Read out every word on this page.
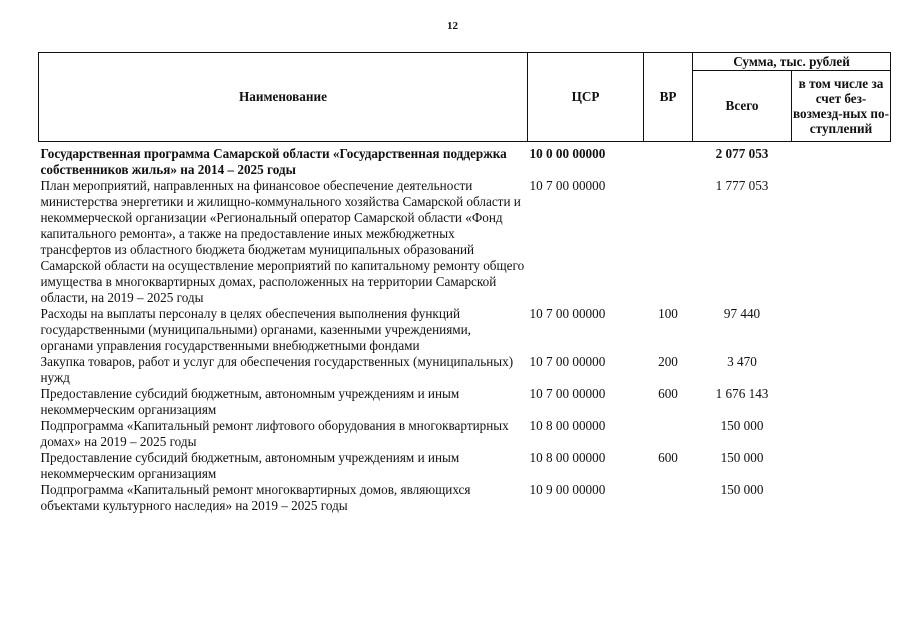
12
Наименование	ЦСР	ВР	Сумма, тыс. рублей	
			Всего	в том числе за счет без-возмезд-ных по-ступлений
Государственная программа Самарской области «Государственная поддержка собственников жилья» на 2014 – 2025 годы	10 0 00 00000		2 077 053	
План мероприятий, направленных на финансовое обеспечение деятельности министерства энергетики и жилищно-коммунального хозяйства Самарской области и некоммерческой организации «Региональный оператор Самарской области «Фонд капитального ремонта», а также на предоставление иных межбюджетных трансфертов из областного бюджета бюджетам муниципальных образований Самарской области на осуществление мероприятий по капитальному ремонту общего имущества в многоквартирных домах, расположенных на территории Самарской области, на 2019 – 2025 годы	10 7 00 00000		1 777 053	
Расходы на выплаты персоналу в целях обеспечения выполнения функций государственными (муниципальными) органами, казенными учреждениями, органами управления государственными внебюджетными фондами	10 7 00 00000	100	97 440	
Закупка товаров, работ и услуг для обеспечения государственных (муниципальных) нужд	10 7 00 00000	200	3 470	
Предоставление субсидий бюджетным, автономным учреждениям и иным некоммерческим организациям	10 7 00 00000	600	1 676 143	
Подпрограмма «Капитальный ремонт лифтового оборудования в многоквартирных домах» на 2019 – 2025 годы	10 8 00 00000		150 000	
Предоставление субсидий бюджетным, автономным учреждениям и иным некоммерческим организациям	10 8 00 00000	600	150 000	
Подпрограмма «Капитальный ремонт многоквартирных домов, являющихся объектами культурного наследия» на 2019 – 2025 годы	10 9 00 00000		150 000	
